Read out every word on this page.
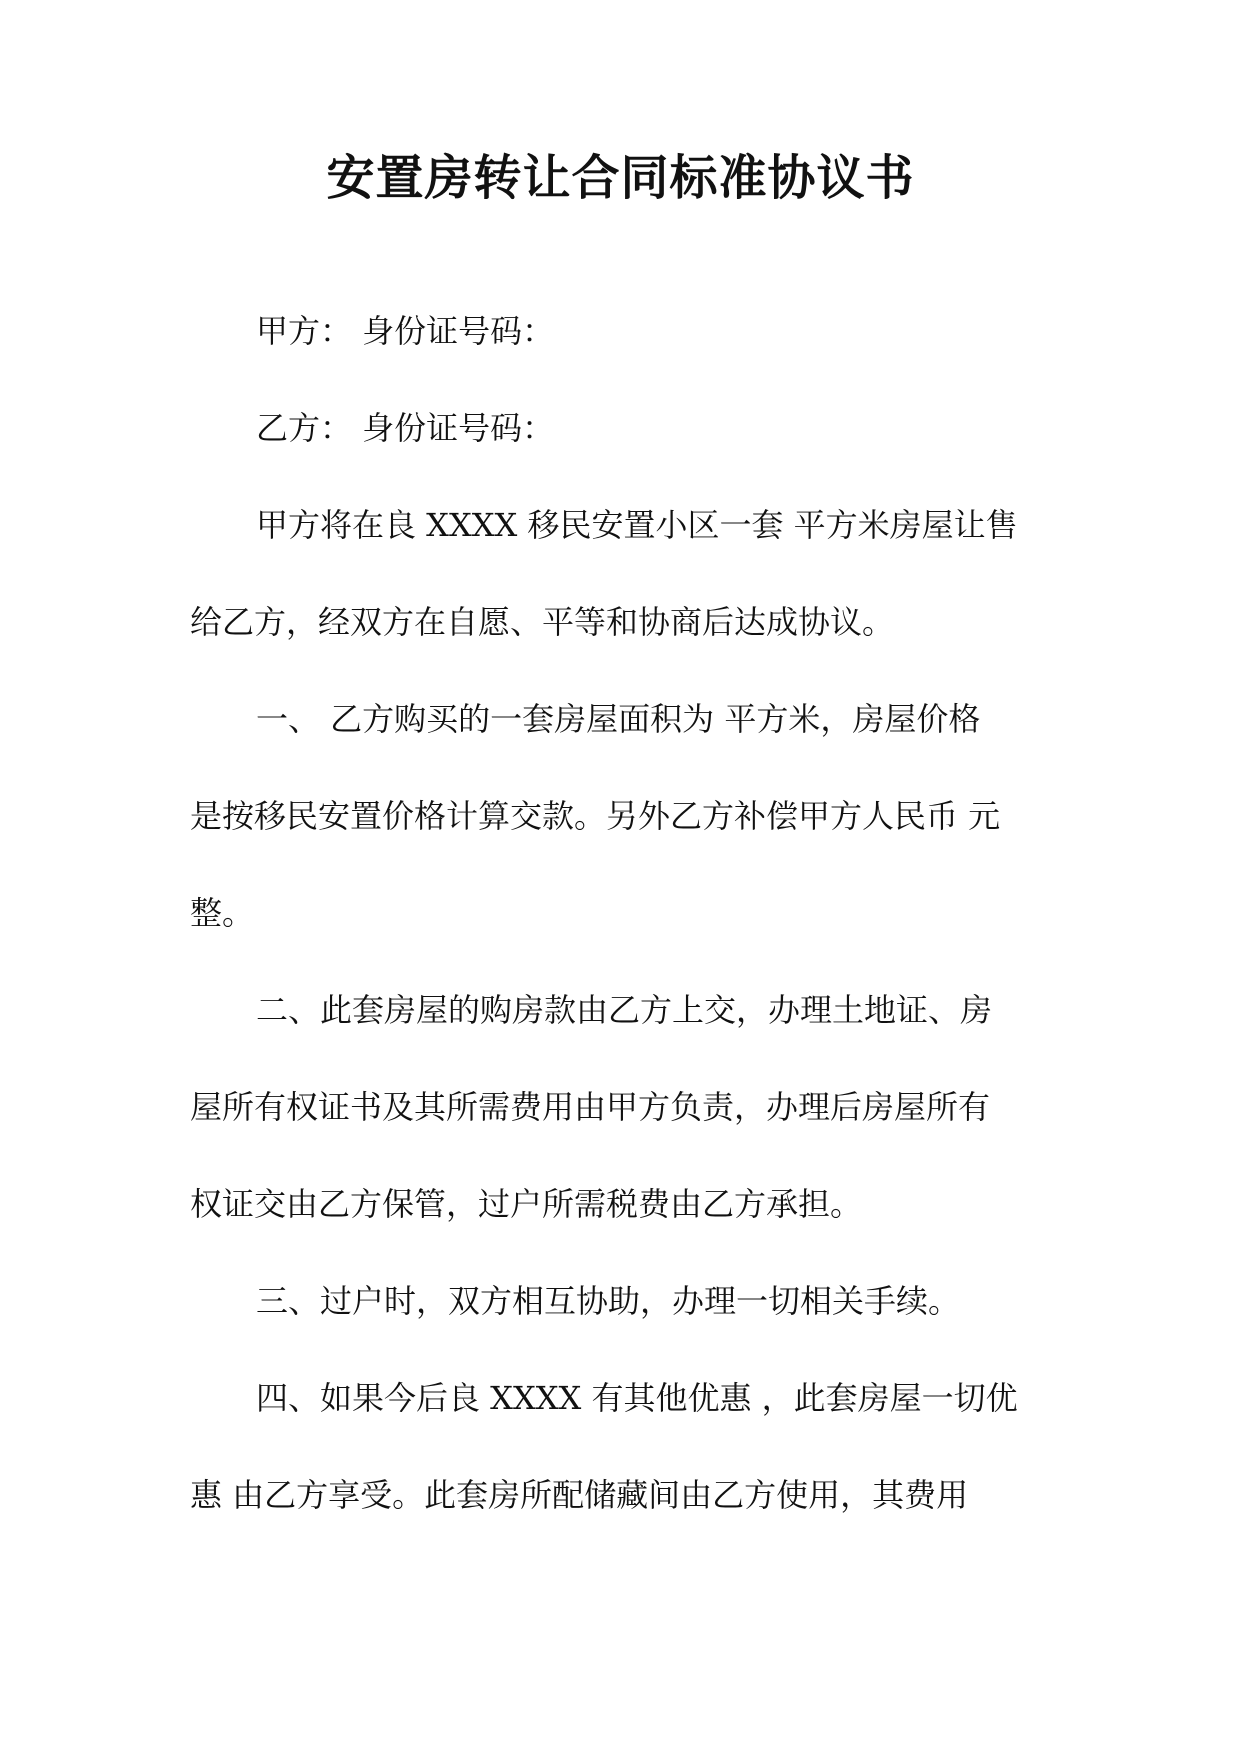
安置房转让合同标准协议书
甲方： 身份证号码：
乙方： 身份证号码：
甲方将在良 XXXX 移民安置小区一套 平方米房屋让售
给乙方，经双方在自愿、平等和协商后达成协议。
一、 乙方购买的一套房屋面积为 平方米，房屋价格
是按移民安置价格计算交款。另外乙方补偿甲方人民币 元
整。
二、此套房屋的购房款由乙方上交，办理土地证、房
屋所有权证书及其所需费用由甲方负责，办理后房屋所有
权证交由乙方保管，过户所需税费由乙方承担。
三、过户时，双方相互协助，办理一切相关手续。
四、如果今后良 XXXX 有其他优惠 ，此套房屋一切优
惠 由乙方享受。此套房所配储藏间由乙方使用，其费用
